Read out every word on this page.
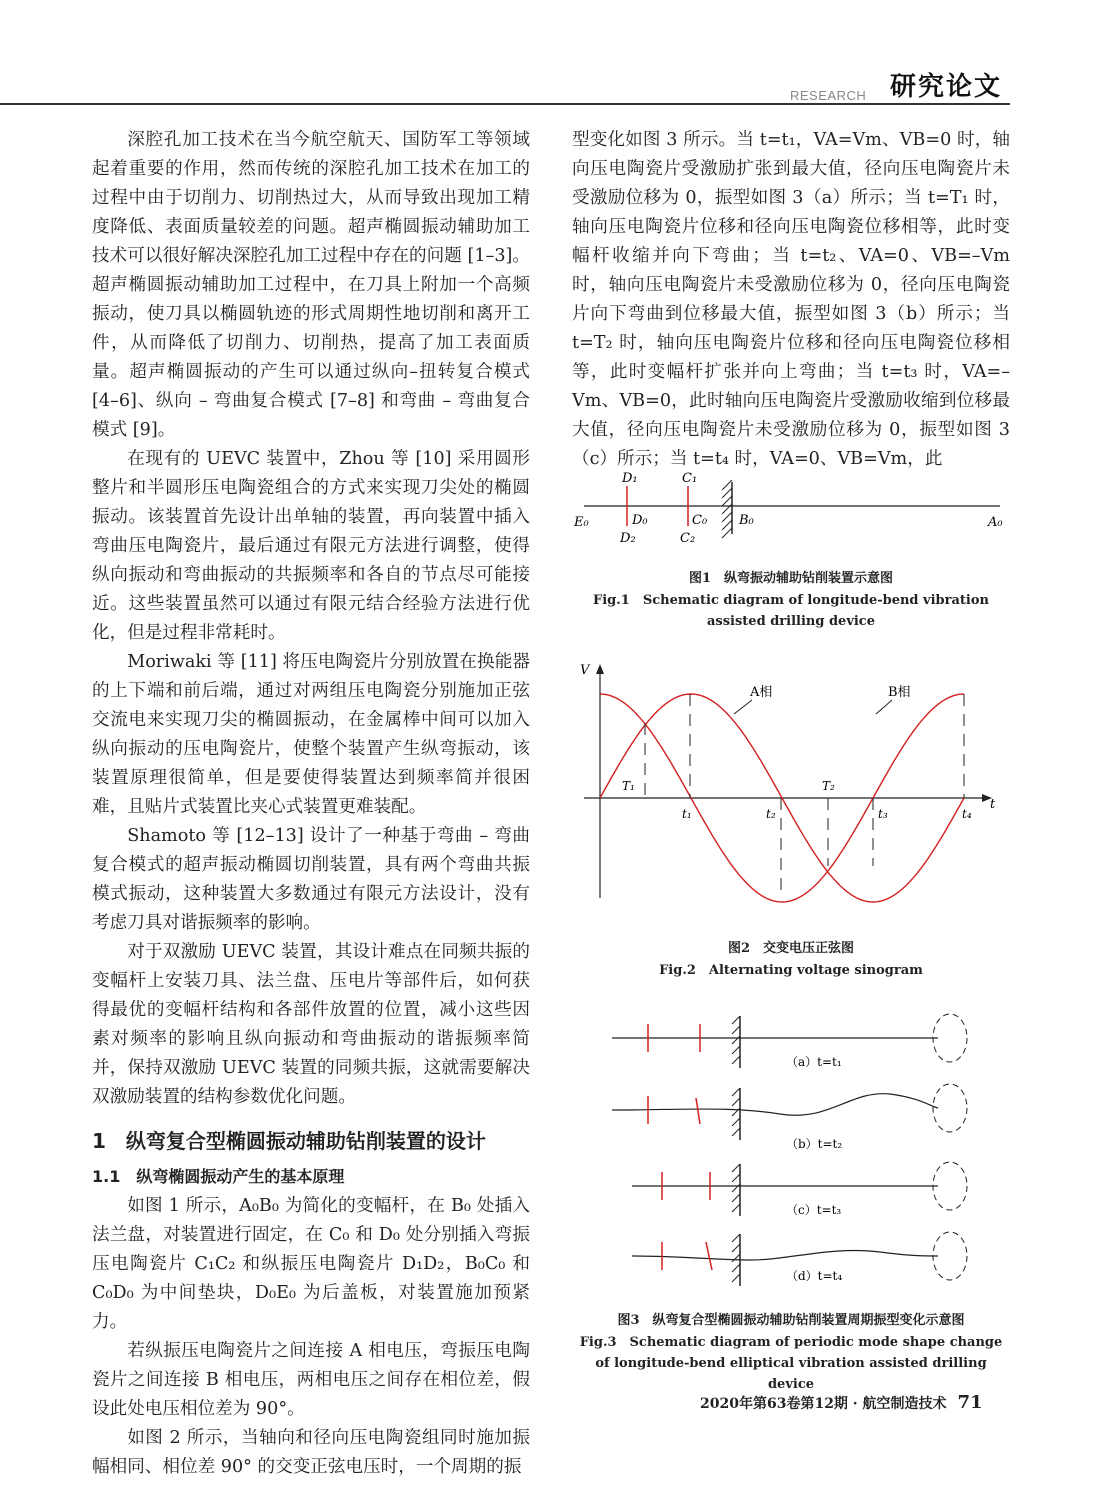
RESEARCH 研究论文

深腔孔加工技术在当今航空航天、国防军工等领域起着重要的作用，然而传统的深腔孔加工技术在加工的过程中由于切削力、切削热过大，从而导致出现加工精度降低、表面质量较差的问题。超声椭圆振动辅助加工技术可以很好解决深腔孔加工过程中存在的问题 [1–3]。超声椭圆振动辅助加工过程中，在刀具上附加一个高频振动，使刀具以椭圆轨迹的形式周期性地切削和离开工件，从而降低了切削力、切削热，提高了加工表面质量。超声椭圆振动的产生可以通过纵向–扭转复合模式 [4–6]、纵向 – 弯曲复合模式 [7–8] 和弯曲 – 弯曲复合模式 [9]。

在现有的 UEVC 装置中，Zhou 等 [10] 采用圆形整片和半圆形压电陶瓷组合的方式来实现刀尖处的椭圆振动。该装置首先设计出单轴的装置，再向装置中插入弯曲压电陶瓷片，最后通过有限元方法进行调整，使得纵向振动和弯曲振动的共振频率和各自的节点尽可能接近。这些装置虽然可以通过有限元结合经验方法进行优化，但是过程非常耗时。

Moriwaki 等 [11] 将压电陶瓷片分别放置在换能器的上下端和前后端，通过对两组压电陶瓷分别施加正弦交流电来实现刀尖的椭圆振动，在金属棒中间可以加入纵向振动的压电陶瓷片，使整个装置产生纵弯振动，该装置原理很简单，但是要使得装置达到频率简并很困难，且贴片式装置比夹心式装置更难装配。

Shamoto 等 [12–13] 设计了一种基于弯曲 – 弯曲复合模式的超声振动椭圆切削装置，具有两个弯曲共振模式振动，这种装置大多数通过有限元方法设计，没有考虑刀具对谐振频率的影响。

对于双激励 UEVC 装置，其设计难点在同频共振的变幅杆上安装刀具、法兰盘、压电片等部件后，如何获得最优的变幅杆结构和各部件放置的位置，减小这些因素对频率的影响且纵向振动和弯曲振动的谐振频率简并，保持双激励 UEVC 装置的同频共振，这就需要解决双激励装置的结构参数优化问题。

1　纵弯复合型椭圆振动辅助钻削装置的设计
1.1　纵弯椭圆振动产生的基本原理

如图 1 所示，A₀B₀ 为简化的变幅杆，在 B₀ 处插入法兰盘，对装置进行固定，在 C₀ 和 D₀ 处分别插入弯振压电陶瓷片 C₁C₂ 和纵振压电陶瓷片 D₁D₂，B₀C₀ 和 C₀D₀ 为中间垫块，D₀E₀ 为后盖板，对装置施加预紧力。

若纵振压电陶瓷片之间连接 A 相电压，弯振压电陶瓷片之间连接 B 相电压，两相电压之间存在相位差，假设此处电压相位差为 90°。

如图 2 所示，当轴向和径向压电陶瓷组同时施加振幅相同、相位差 90° 的交变正弦电压时，一个周期的振

型变化如图 3 所示。当 t=t₁，VA=Vm、VB=0 时，轴向压电陶瓷片受激励扩张到最大值，径向压电陶瓷片未受激励位移为 0，振型如图 3（a）所示；当 t=T₁ 时，轴向压电陶瓷片位移和径向压电陶瓷位移相等，此时变幅杆收缩并向下弯曲；当 t=t₂、VA=0、VB=–Vm 时，轴向压电陶瓷片未受激励位移为 0，径向压电陶瓷片向下弯曲到位移最大值，振型如图 3（b）所示；当 t=T₂ 时，轴向压电陶瓷片位移和径向压电陶瓷位移相等，此时变幅杆扩张并向上弯曲；当 t=t₃ 时，VA=–Vm、VB=0，此时轴向压电陶瓷片受激励收缩到位移最大值，径向压电陶瓷片未受激励位移为 0，振型如图 3（c）所示；当 t=t₄ 时，VA=0、VB=Vm，此

D₁	C₁
E₀	D₀	C₀ B₀	A₀
D₂	C₂
图1　纵弯振动辅助钻削装置示意图
Fig.1　Schematic diagram of longitude-bend vibration assisted drilling device
V
t
A相	B相
T₁	T₂
t₁	t₂	t₃	t₄
图2　交变电压正弦图
Fig.2　Alternating voltage sinogram
（a）t=t₁
（b）t=t₂
（c）t=t₃
（d）t=t₄
图3　纵弯复合型椭圆振动辅助钻削装置周期振型变化示意图
Fig.3　Schematic diagram of periodic mode shape change of longitude-bend elliptical vibration assisted drilling device
2020年第63卷第12期 · 航空制造技术 71
